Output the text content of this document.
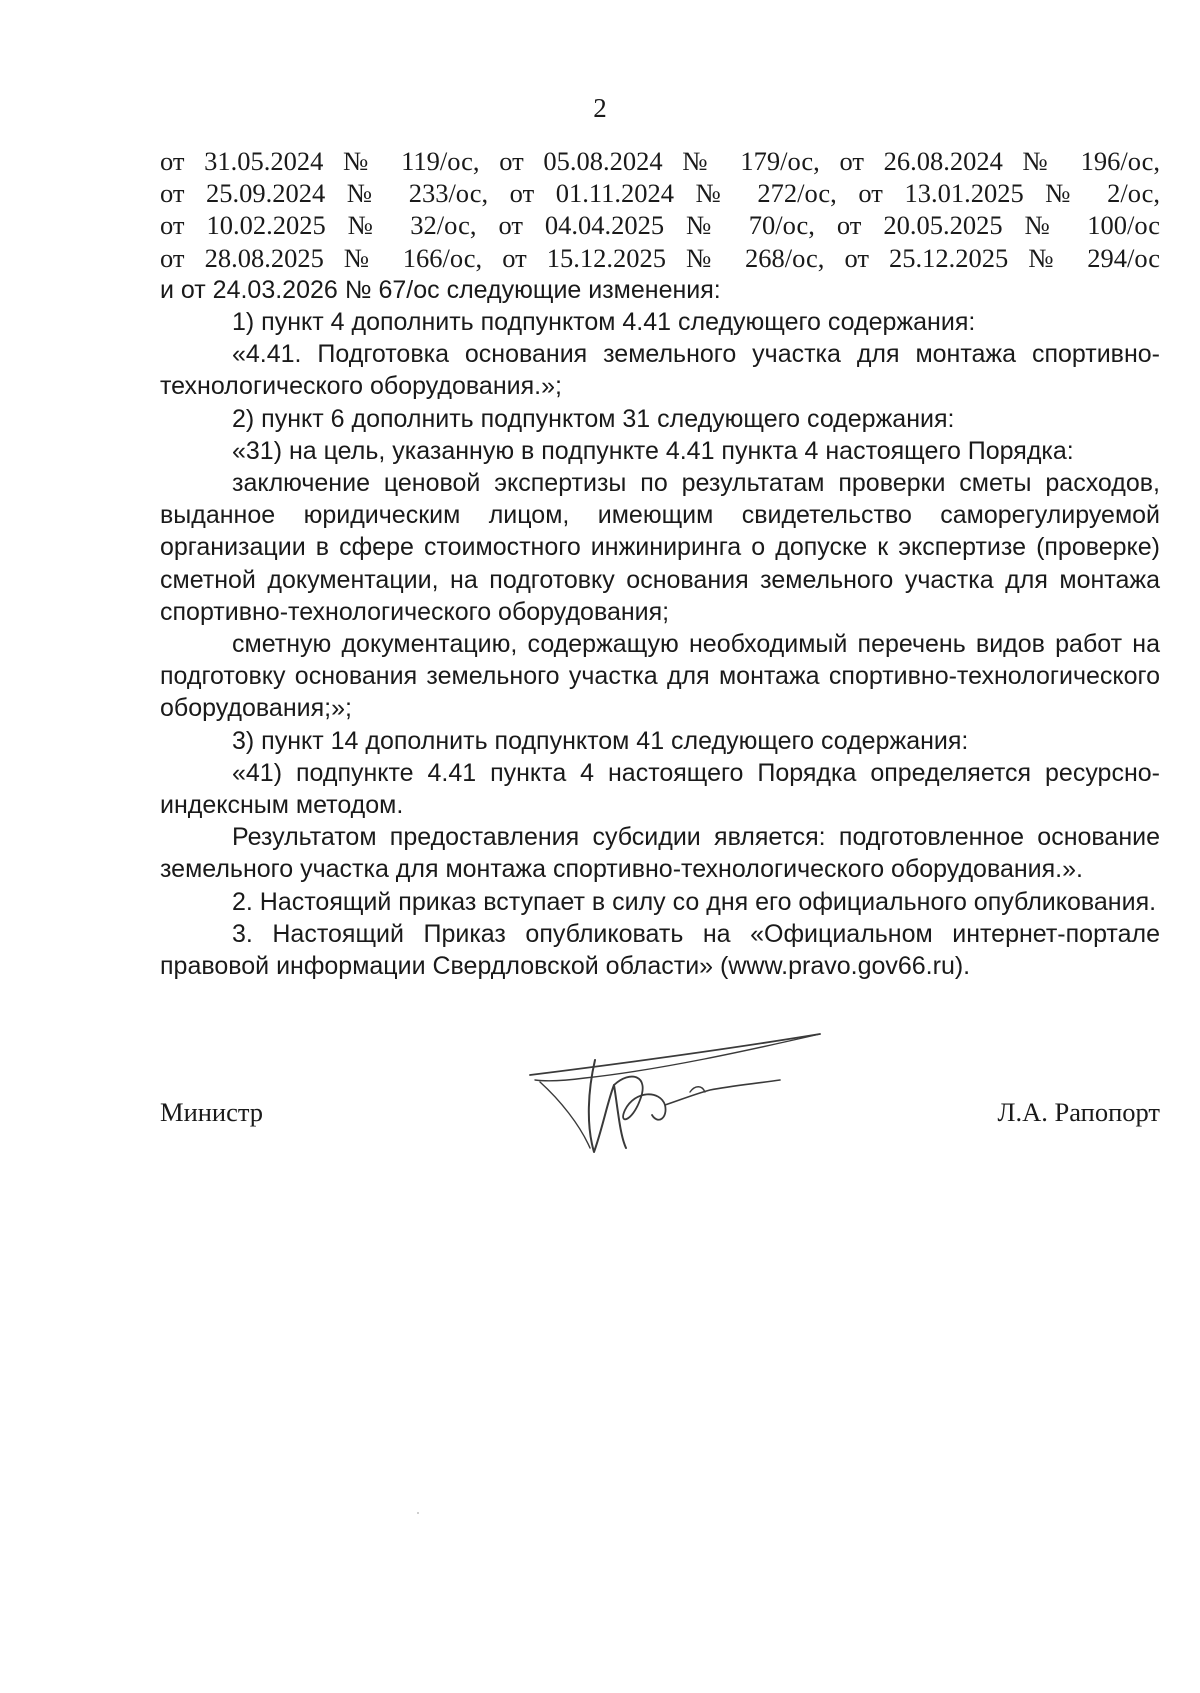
2
от 31.05.2024 № 119/ос, от 05.08.2024 № 179/ос, от 26.08.2024 № 196/ос,
от 25.09.2024 № 233/ос, от 01.11.2024 № 272/ос, от 13.01.2025 № 2/ос,
от 10.02.2025 № 32/ос, от 04.04.2025 № 70/ос, от 20.05.2025 № 100/ос
от 28.08.2025 № 166/ос, от 15.12.2025 № 268/ос, от 25.12.2025 № 294/ос

и от 24.03.2026 № 67/ос следующие изменения:

1) пункт 4 дополнить подпунктом 4.41 следующего содержания:

«4.41. Подготовка основания земельного участка для монтажа спортивно-технологического оборудования.»;

2) пункт 6 дополнить подпунктом 31 следующего содержания:

«31) на цель, указанную в подпункте 4.41 пункта 4 настоящего Порядка:

заключение ценовой экспертизы по результатам проверки сметы расходов, выданное юридическим лицом, имеющим свидетельство саморегулируемой организации в сфере стоимостного инжиниринга о допуске к экспертизе (проверке) сметной документации, на подготовку основания земельного участка для монтажа спортивно-технологического оборудования;

сметную документацию, содержащую необходимый перечень видов работ на подготовку основания земельного участка для монтажа спортивно-технологического оборудования;»;

3) пункт 14 дополнить подпунктом 41 следующего содержания:

«41) подпункте 4.41 пункта 4 настоящего Порядка определяется ресурсно-индексным методом.

Результатом предоставления субсидии является: подготовленное основание земельного участка для монтажа спортивно-технологического оборудования.».

2. Настоящий приказ вступает в силу со дня его официального опубликования.

3. Настоящий Приказ опубликовать на «Официальном интернет-портале правовой информации Свердловской области» (www.pravo.gov66.ru).

Министр	Л.А. Рапопорт
